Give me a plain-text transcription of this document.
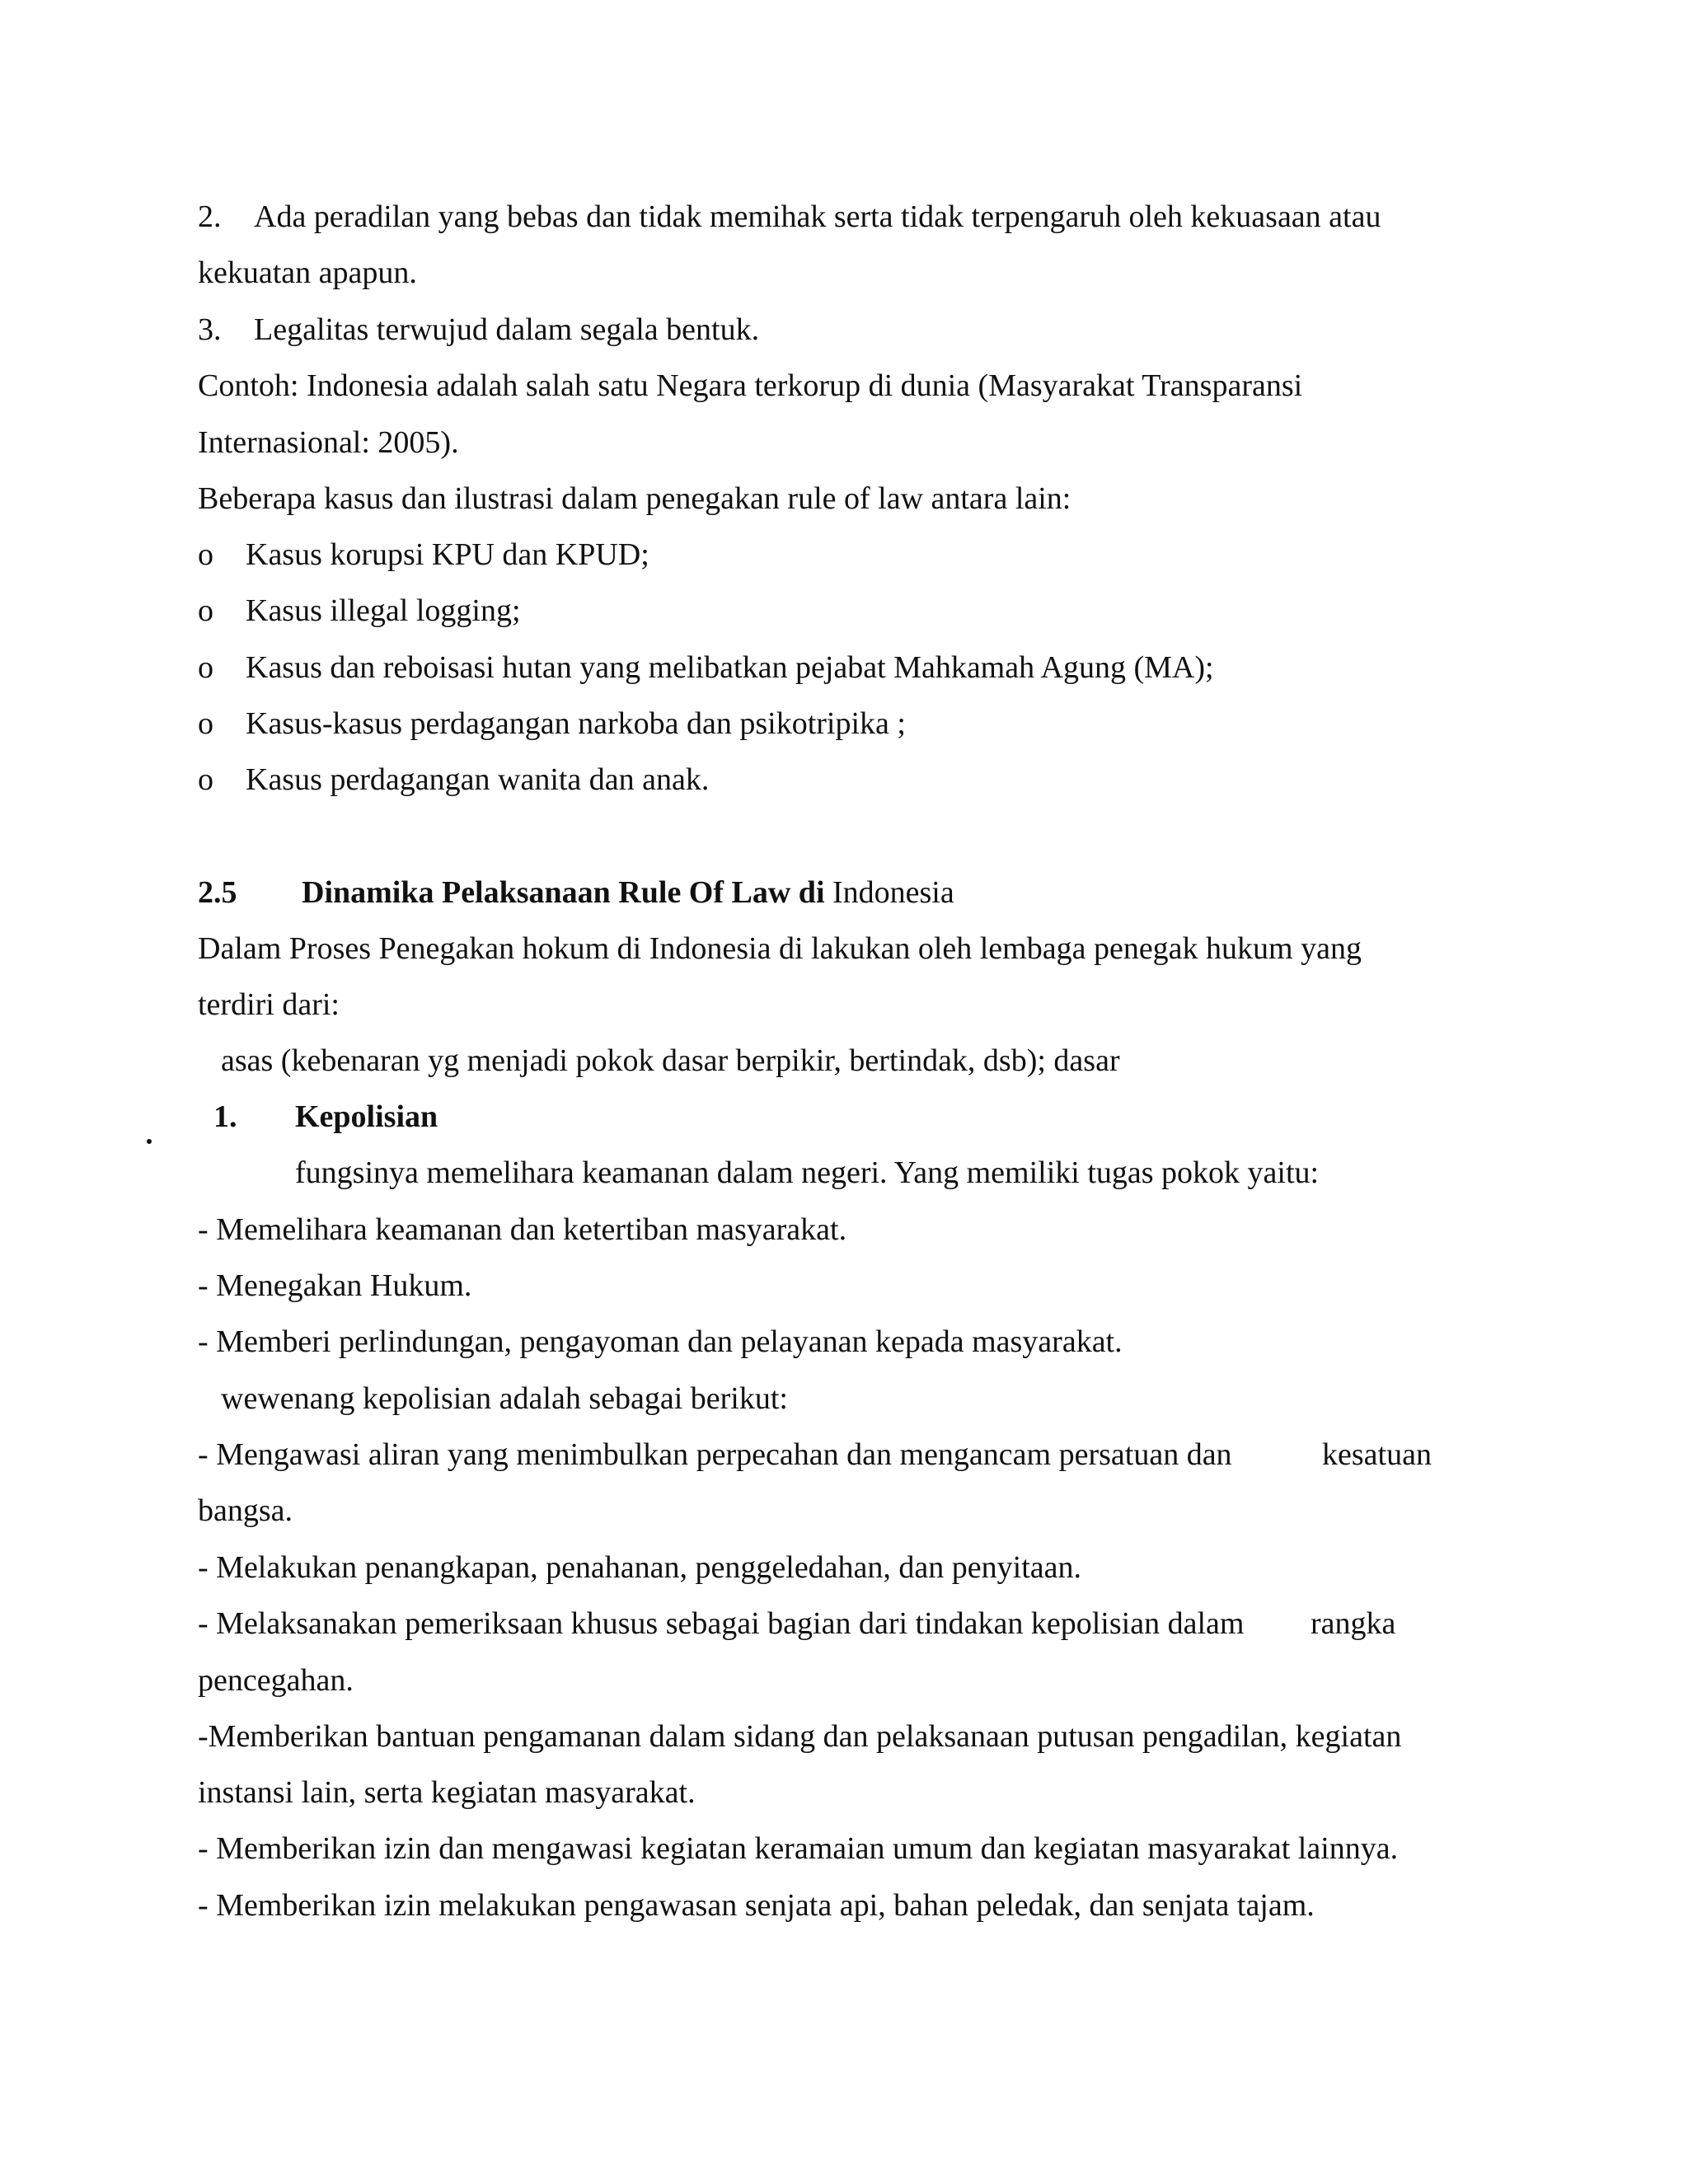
2. Ada peradilan yang bebas dan tidak memihak serta tidak terpengaruh oleh kekuasaan atau
kekuatan apapun.
3. Legalitas terwujud dalam segala bentuk.
Contoh: Indonesia adalah salah satu Negara terkorup di dunia (Masyarakat Transparansi
Internasional: 2005).
Beberapa kasus dan ilustrasi dalam penegakan rule of law antara lain:
o Kasus korupsi KPU dan KPUD;
o Kasus illegal logging;
o Kasus dan reboisasi hutan yang melibatkan pejabat Mahkamah Agung (MA);
o Kasus-kasus perdagangan narkoba dan psikotripika ;
o Kasus perdagangan wanita dan anak.
2.5 Dinamika Pelaksanaan Rule Of Law di Indonesia
Dalam Proses Penegakan hokum di Indonesia di lakukan oleh lembaga penegak hukum yang
terdiri dari:
asas (kebenaran yg menjadi pokok dasar berpikir, bertindak, dsb); dasar
1. Kepolisian
fungsinya memelihara keamanan dalam negeri. Yang memiliki tugas pokok yaitu:
- Memelihara keamanan dan ketertiban masyarakat.
- Menegakan Hukum.
- Memberi perlindungan, pengayoman dan pelayanan kepada masyarakat.
wewenang kepolisian adalah sebagai berikut:
- Mengawasi aliran yang menimbulkan perpecahan dan mengancam persatuan dan	kesatuan
bangsa.
- Melakukan penangkapan, penahanan, penggeledahan, dan penyitaan.
- Melaksanakan pemeriksaan khusus sebagai bagian dari tindakan kepolisian dalam rangka
pencegahan.
-Memberikan bantuan pengamanan dalam sidang dan pelaksanaan putusan pengadilan, kegiatan
instansi lain, serta kegiatan masyarakat.
- Memberikan izin dan mengawasi kegiatan keramaian umum dan kegiatan masyarakat lainnya.
- Memberikan izin melakukan pengawasan senjata api, bahan peledak, dan senjata tajam.
